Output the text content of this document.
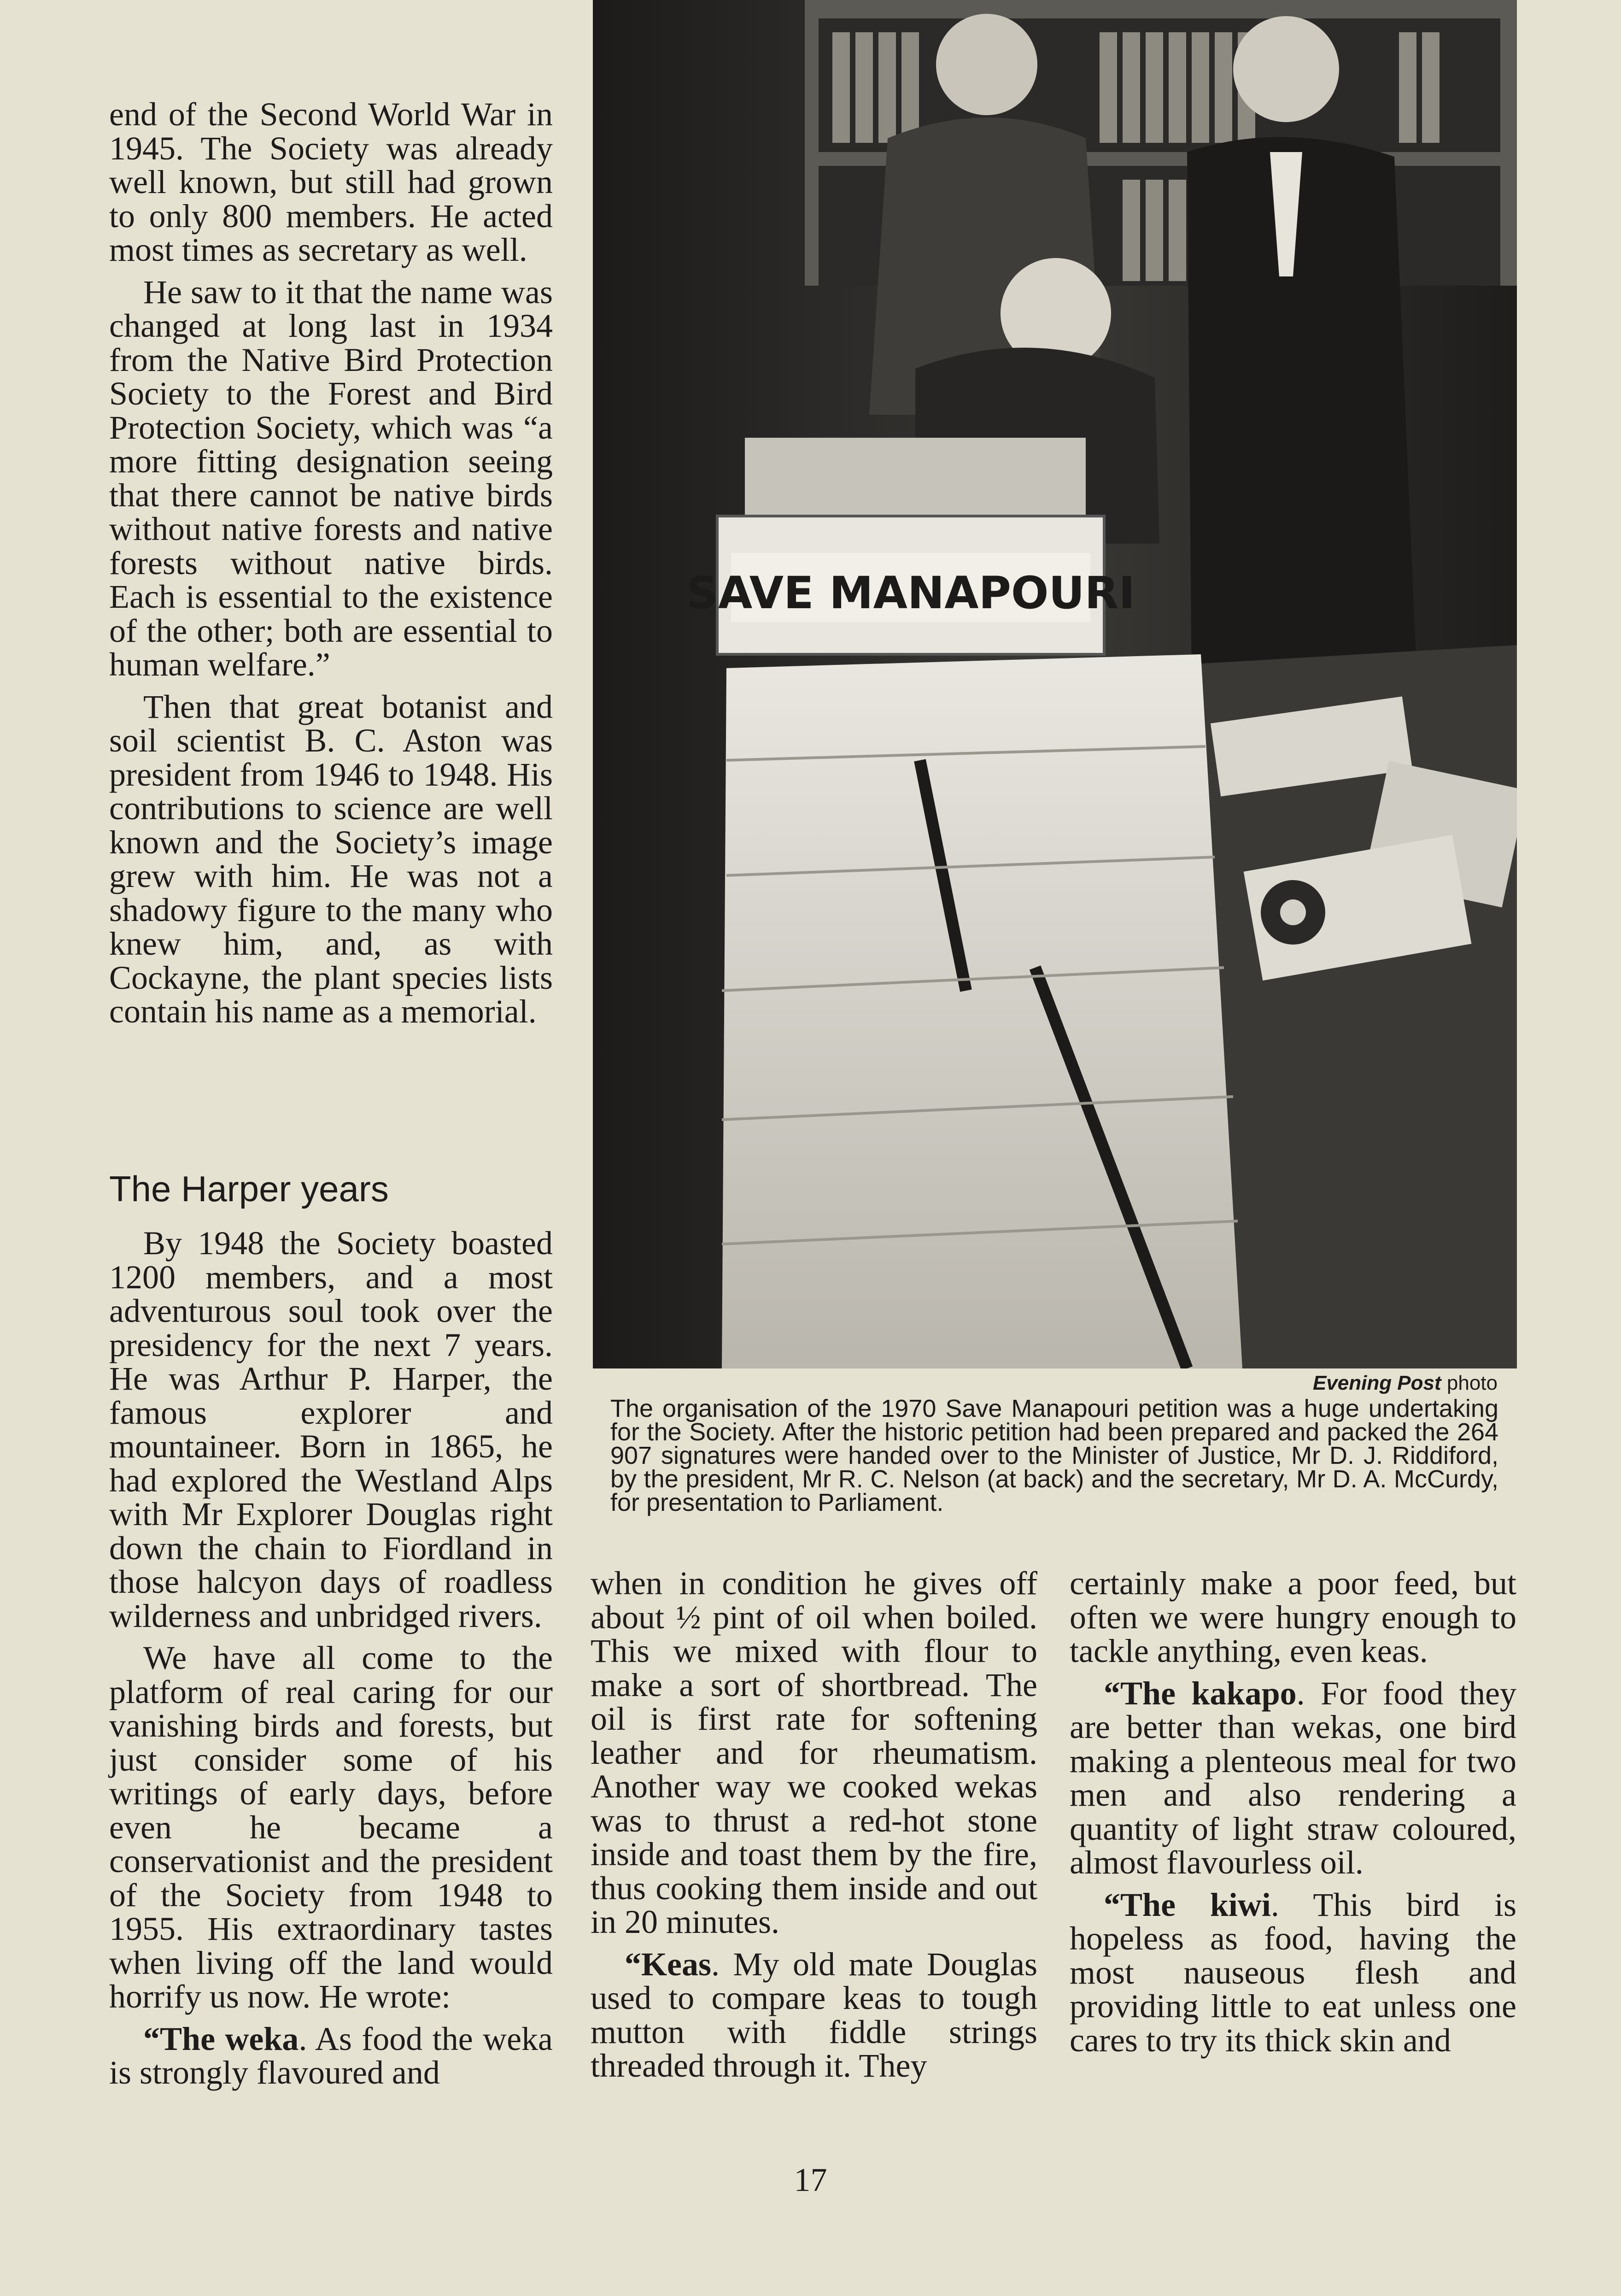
end of the Second World War in 1945. The Society was already well known, but still had grown to only 800 members. He acted most times as secretary as well.

He saw to it that the name was changed at long last in 1934 from the Native Bird Protection Society to the Forest and Bird Protection Society, which was “a more fitting designation seeing that there cannot be native birds without native forests and native forests without native birds. Each is essential to the existence of the other; both are essential to human welfare.”

Then that great botanist and soil scientist B. C. Aston was president from 1946 to 1948. His contributions to science are well known and the Society’s image grew with him. He was not a shadowy figure to the many who knew him, and, as with Cockayne, the plant species lists contain his name as a memorial.

The Harper years

By 1948 the Society boasted 1200 members, and a most adventurous soul took over the presidency for the next 7 years. He was Arthur P. Harper, the famous explorer and mountaineer. Born in 1865, he had explored the Westland Alps with Mr Explorer Douglas right down the chain to Fiordland in those halcyon days of roadless wilderness and unbridged rivers.

We have all come to the platform of real caring for our vanishing birds and forests, but just consider some of his writings of early days, before even he became a conservationist and the president of the Society from 1948 to 1955. His extraordinary tastes when living off the land would horrify us now. He wrote:

“The weka. As food the weka is strongly flavoured and

SAVE MANAPOURI
Evening Post photo
The organisation of the 1970 Save Manapouri petition was a huge undertaking for the Society. After the historic petition had been prepared and packed the 264 907 signatures were handed over to the Minister of Justice, Mr D. J. Riddiford, by the president, Mr R. C. Nelson (at back) and the secretary, Mr D. A. McCurdy, for presentation to Parliament.

when in condition he gives off about ½ pint of oil when boiled. This we mixed with flour to make a sort of shortbread. The oil is first rate for softening leather and for rheumatism. Another way we cooked wekas was to thrust a red-hot stone inside and toast them by the fire, thus cooking them inside and out in 20 minutes.

“Keas. My old mate Douglas used to compare keas to tough mutton with fiddle strings threaded through it. They

certainly make a poor feed, but often we were hungry enough to tackle anything, even keas.

“The kakapo. For food they are better than wekas, one bird making a plenteous meal for two men and also rendering a quantity of light straw coloured, almost flavourless oil.

“The kiwi. This bird is hopeless as food, having the most nauseous flesh and providing little to eat unless one cares to try its thick skin and

17
